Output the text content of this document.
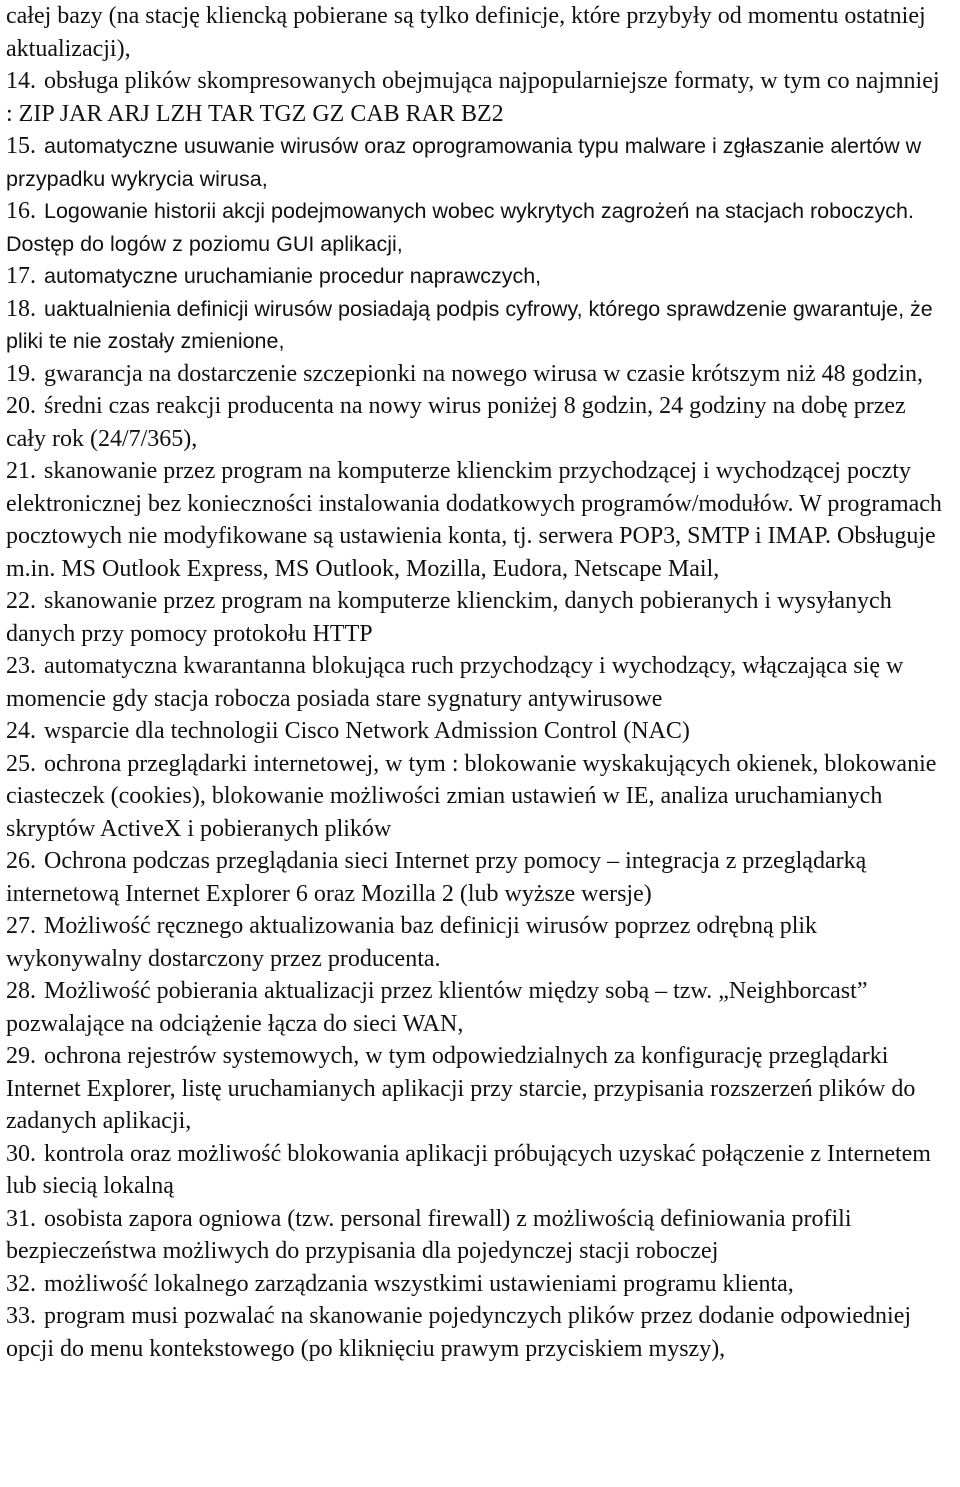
całej bazy (na stację kliencką pobierane są tylko definicje, które przybyły od momentu ostatniej aktualizacji),

14. obsługa plików skompresowanych obejmująca najpopularniejsze formaty, w tym co najmniej : ZIP JAR ARJ LZH TAR TGZ GZ CAB RAR BZ2
15. automatyczne usuwanie wirusów oraz oprogramowania typu malware i zgłaszanie alertów w przypadku wykrycia wirusa,
16. Logowanie historii akcji podejmowanych wobec wykrytych zagrożeń na stacjach roboczych. Dostęp do logów z poziomu GUI aplikacji,
17. automatyczne uruchamianie procedur naprawczych,
18. uaktualnienia definicji wirusów posiadają podpis cyfrowy, którego sprawdzenie gwarantuje, że pliki te nie zostały zmienione,
19. gwarancja na dostarczenie szczepionki na nowego wirusa w czasie krótszym niż 48 godzin,
20. średni czas reakcji producenta na nowy wirus poniżej 8 godzin, 24 godziny na dobę przez cały rok (24/7/365),
21. skanowanie przez program na komputerze klienckim przychodzącej i wychodzącej poczty elektronicznej bez konieczności instalowania dodatkowych programów/modułów. W programach pocztowych nie modyfikowane są ustawienia konta, tj. serwera POP3, SMTP i IMAP. Obsługuje m.in. MS Outlook Express, MS Outlook, Mozilla, Eudora, Netscape Mail,
22. skanowanie przez program na komputerze klienckim, danych pobieranych i wysyłanych danych przy pomocy protokołu HTTP
23. automatyczna kwarantanna blokująca ruch przychodzący i wychodzący, włączająca się w momencie gdy stacja robocza posiada stare sygnatury antywirusowe
24. wsparcie dla technologii Cisco Network Admission Control (NAC)
25. ochrona przeglądarki internetowej, w tym : blokowanie wyskakujących okienek, blokowanie ciasteczek (cookies), blokowanie możliwości zmian ustawień w IE, analiza uruchamianych skryptów ActiveX i pobieranych plików
26. Ochrona podczas przeglądania sieci Internet przy pomocy – integracja z przeglądarką internetową Internet Explorer 6 oraz Mozilla 2 (lub wyższe wersje)
27. Możliwość ręcznego aktualizowania baz definicji wirusów poprzez odrębną plik wykonywalny dostarczony przez producenta.
28. Możliwość pobierania aktualizacji przez klientów między sobą – tzw. „Neighborcast” pozwalające na odciążenie łącza do sieci WAN,
29. ochrona rejestrów systemowych, w tym odpowiedzialnych za konfigurację przeglądarki Internet Explorer, listę uruchamianych aplikacji przy starcie, przypisania rozszerzeń plików do zadanych aplikacji,
30. kontrola oraz możliwość blokowania aplikacji próbujących uzyskać połączenie z Internetem lub siecią lokalną
31. osobista zapora ogniowa (tzw. personal firewall) z możliwością definiowania profili bezpieczeństwa możliwych do przypisania dla pojedynczej stacji roboczej
32. możliwość lokalnego zarządzania wszystkimi ustawieniami programu klienta,
33. program musi pozwalać na skanowanie pojedynczych plików przez dodanie odpowiedniej opcji do menu kontekstowego (po kliknięciu prawym przyciskiem myszy),
